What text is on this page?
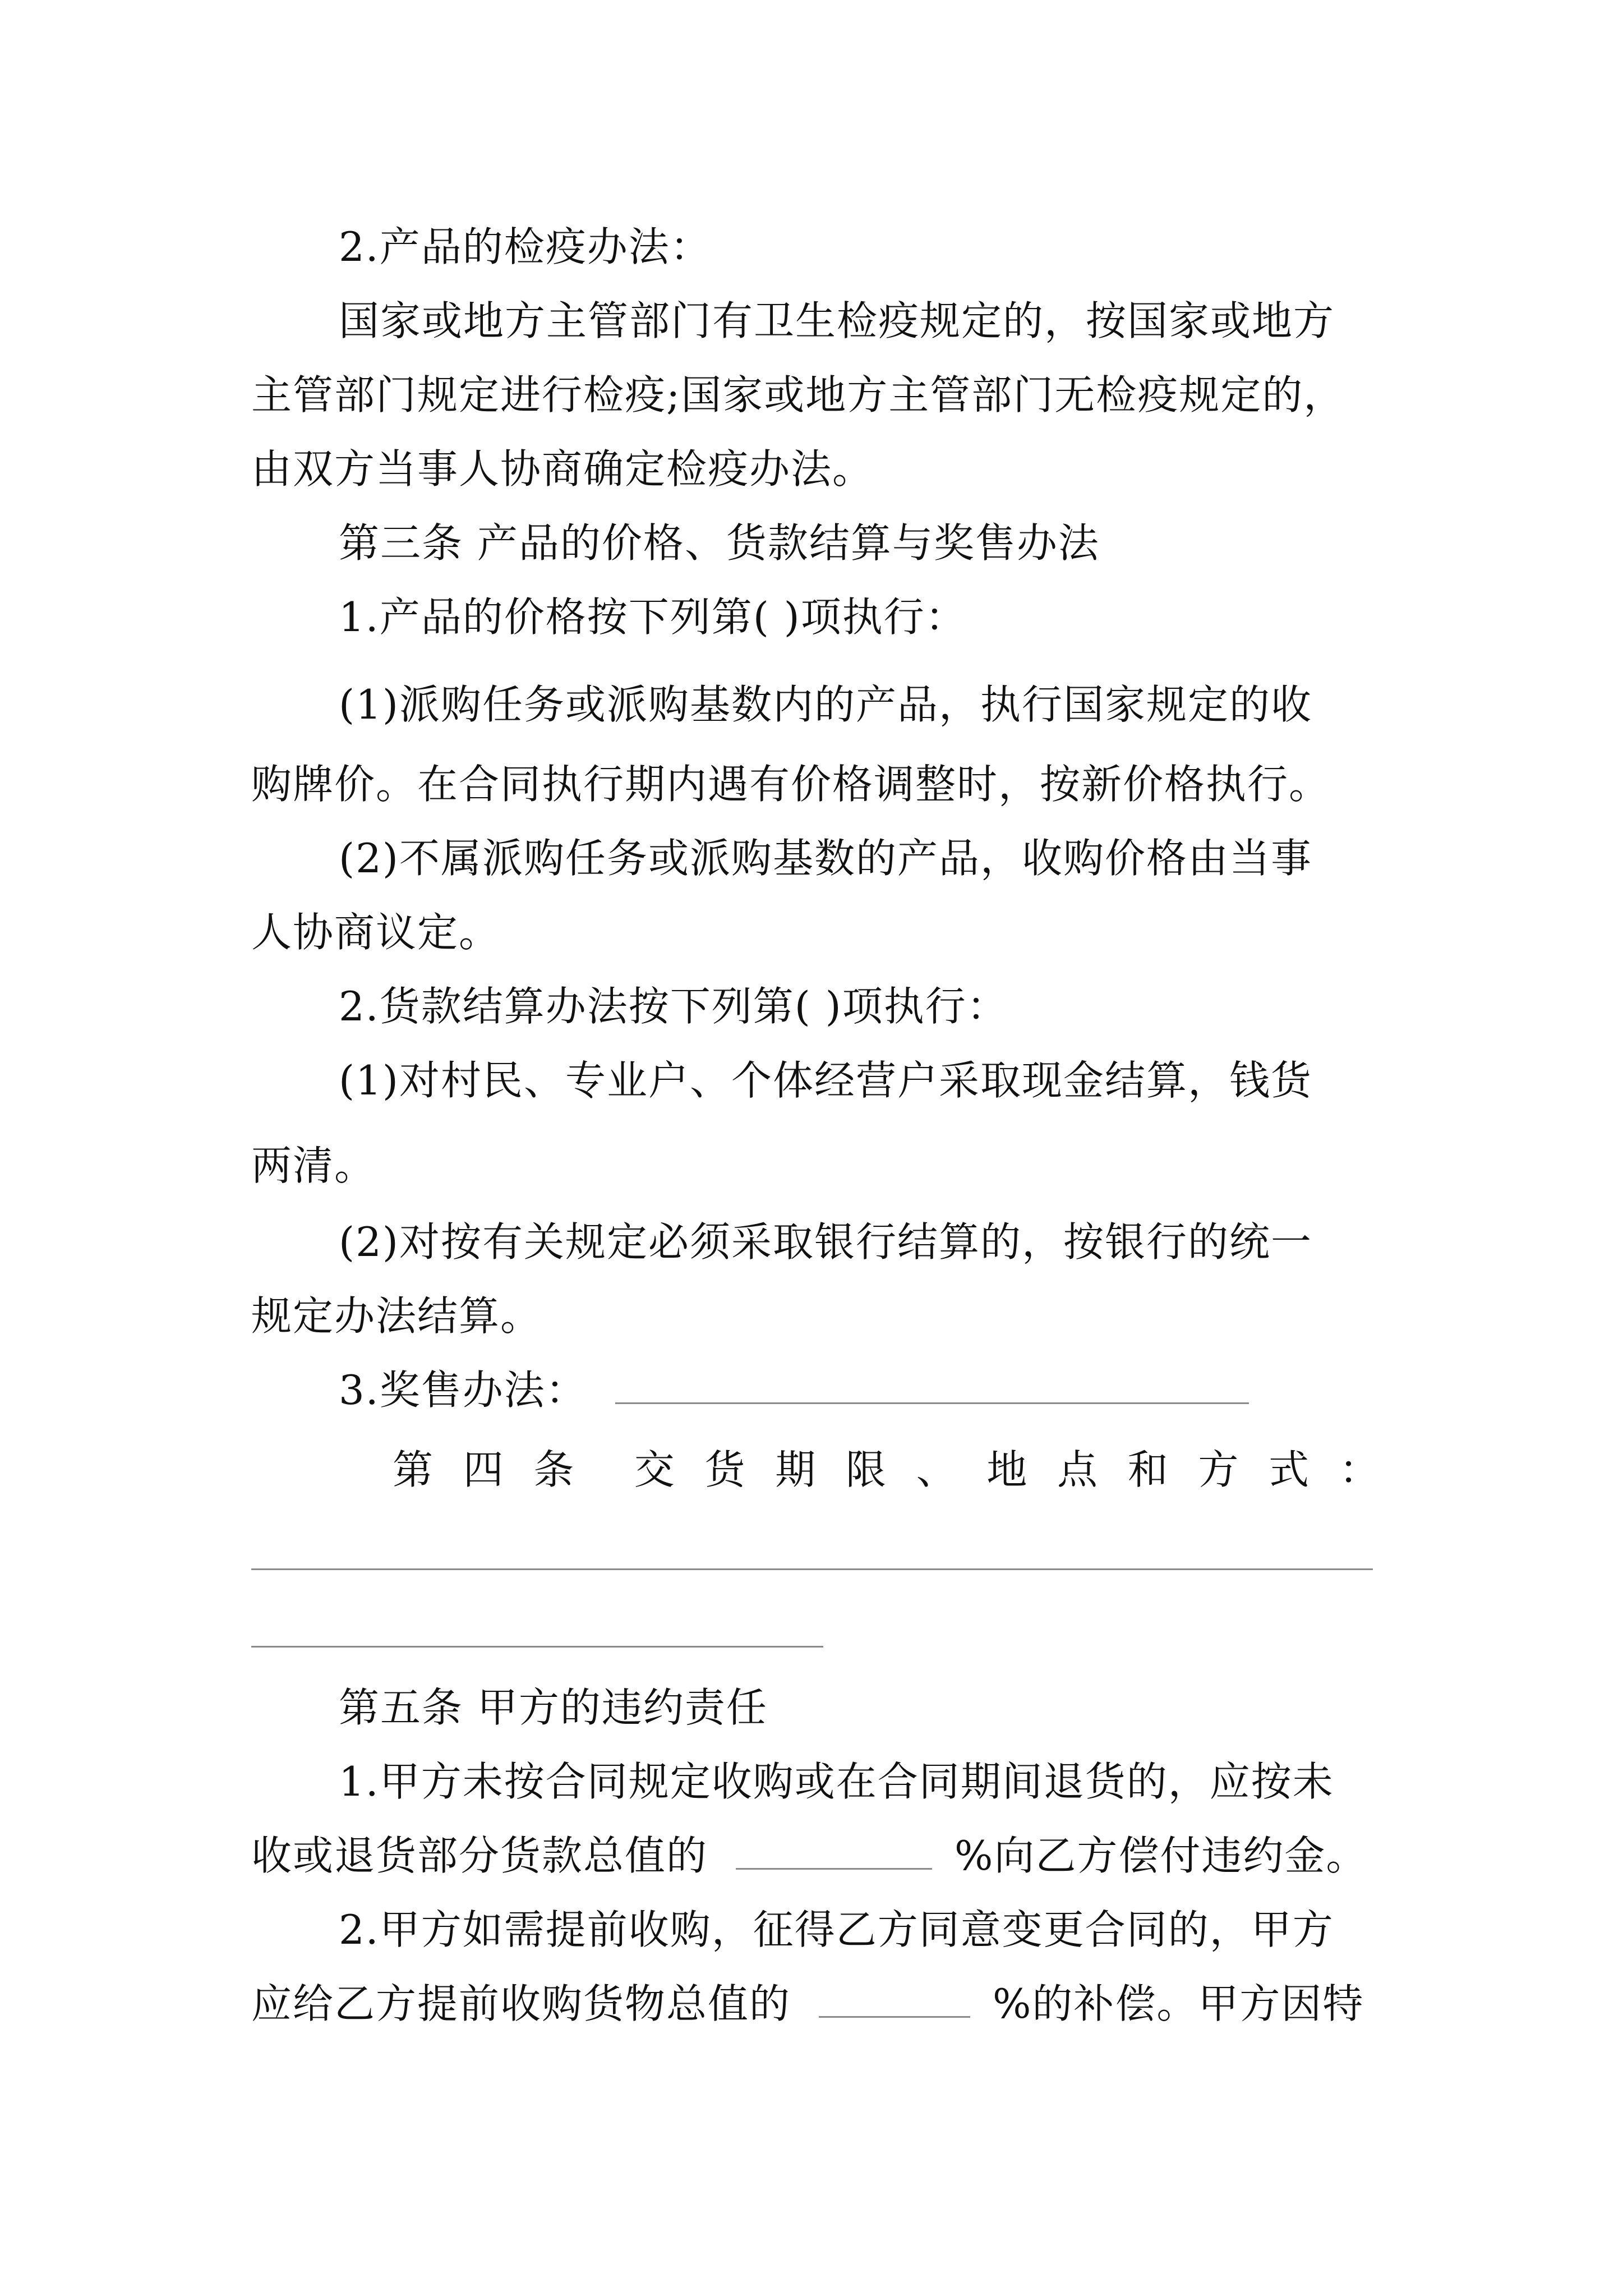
2.产品的检疫办法：
国家或地方主管部门有卫生检疫规定的，按国家或地方
主管部门规定进行检疫;国家或地方主管部门无检疫规定的，
由双方当事人协商确定检疫办法。
第三条 产品的价格、货款结算与奖售办法
1.产品的价格按下列第( )项执行：
(1)派购任务或派购基数内的产品，执行国家规定的收
购牌价。在合同执行期内遇有价格调整时，按新价格执行。
(2)不属派购任务或派购基数的产品，收购价格由当事
人协商议定。
2.货款结算办法按下列第( )项执行：
(1)对村民、专业户、个体经营户采取现金结算，钱货
两清。
(2)对按有关规定必须采取银行结算的，按银行的统一
规定办法结算。
3.奖售办法：
第 四 条 交 货 期 限 、 地 点 和 方 式 ：
第五条 甲方的违约责任
1.甲方未按合同规定收购或在合同期间退货的，应按未
收或退货部分货款总值的	%向乙方偿付违约金。
2.甲方如需提前收购，征得乙方同意变更合同的，甲方
应给乙方提前收购货物总值的	%的补偿。甲方因特
